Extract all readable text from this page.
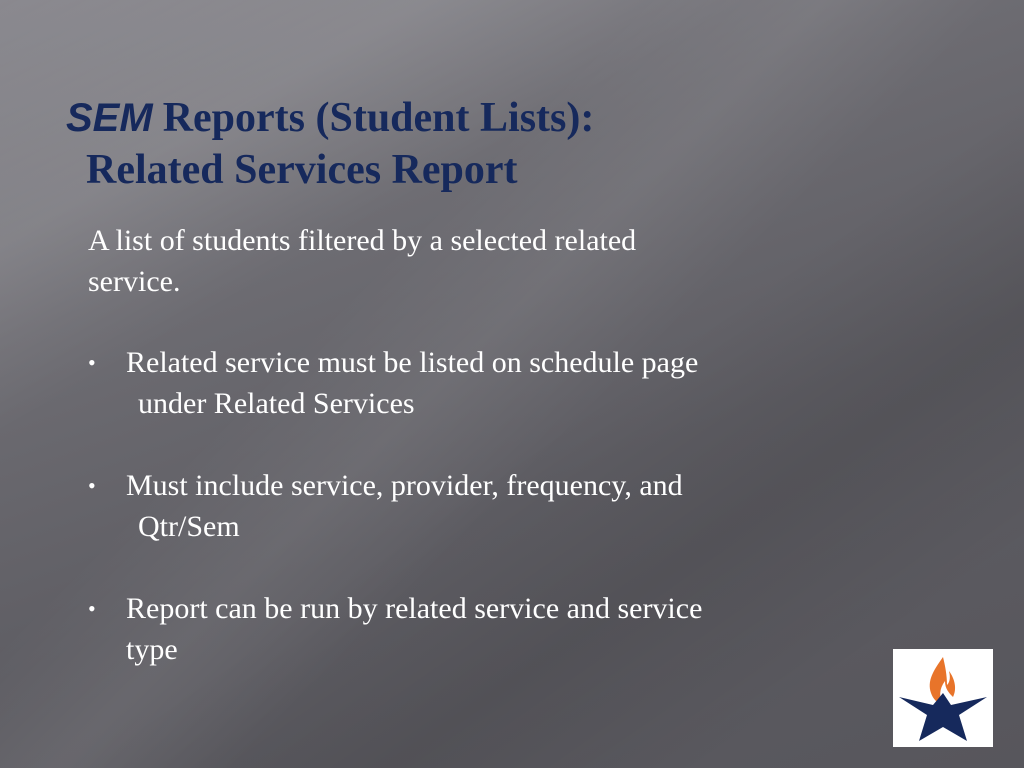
SEM Reports (Student Lists):
Related Services Report

A list of students filtered by a selected related
service.

• Related service must be listed on schedule page
under Related Services
• Must include service, provider, frequency, and
Qtr/Sem
• Report can be run by related service and service
type
